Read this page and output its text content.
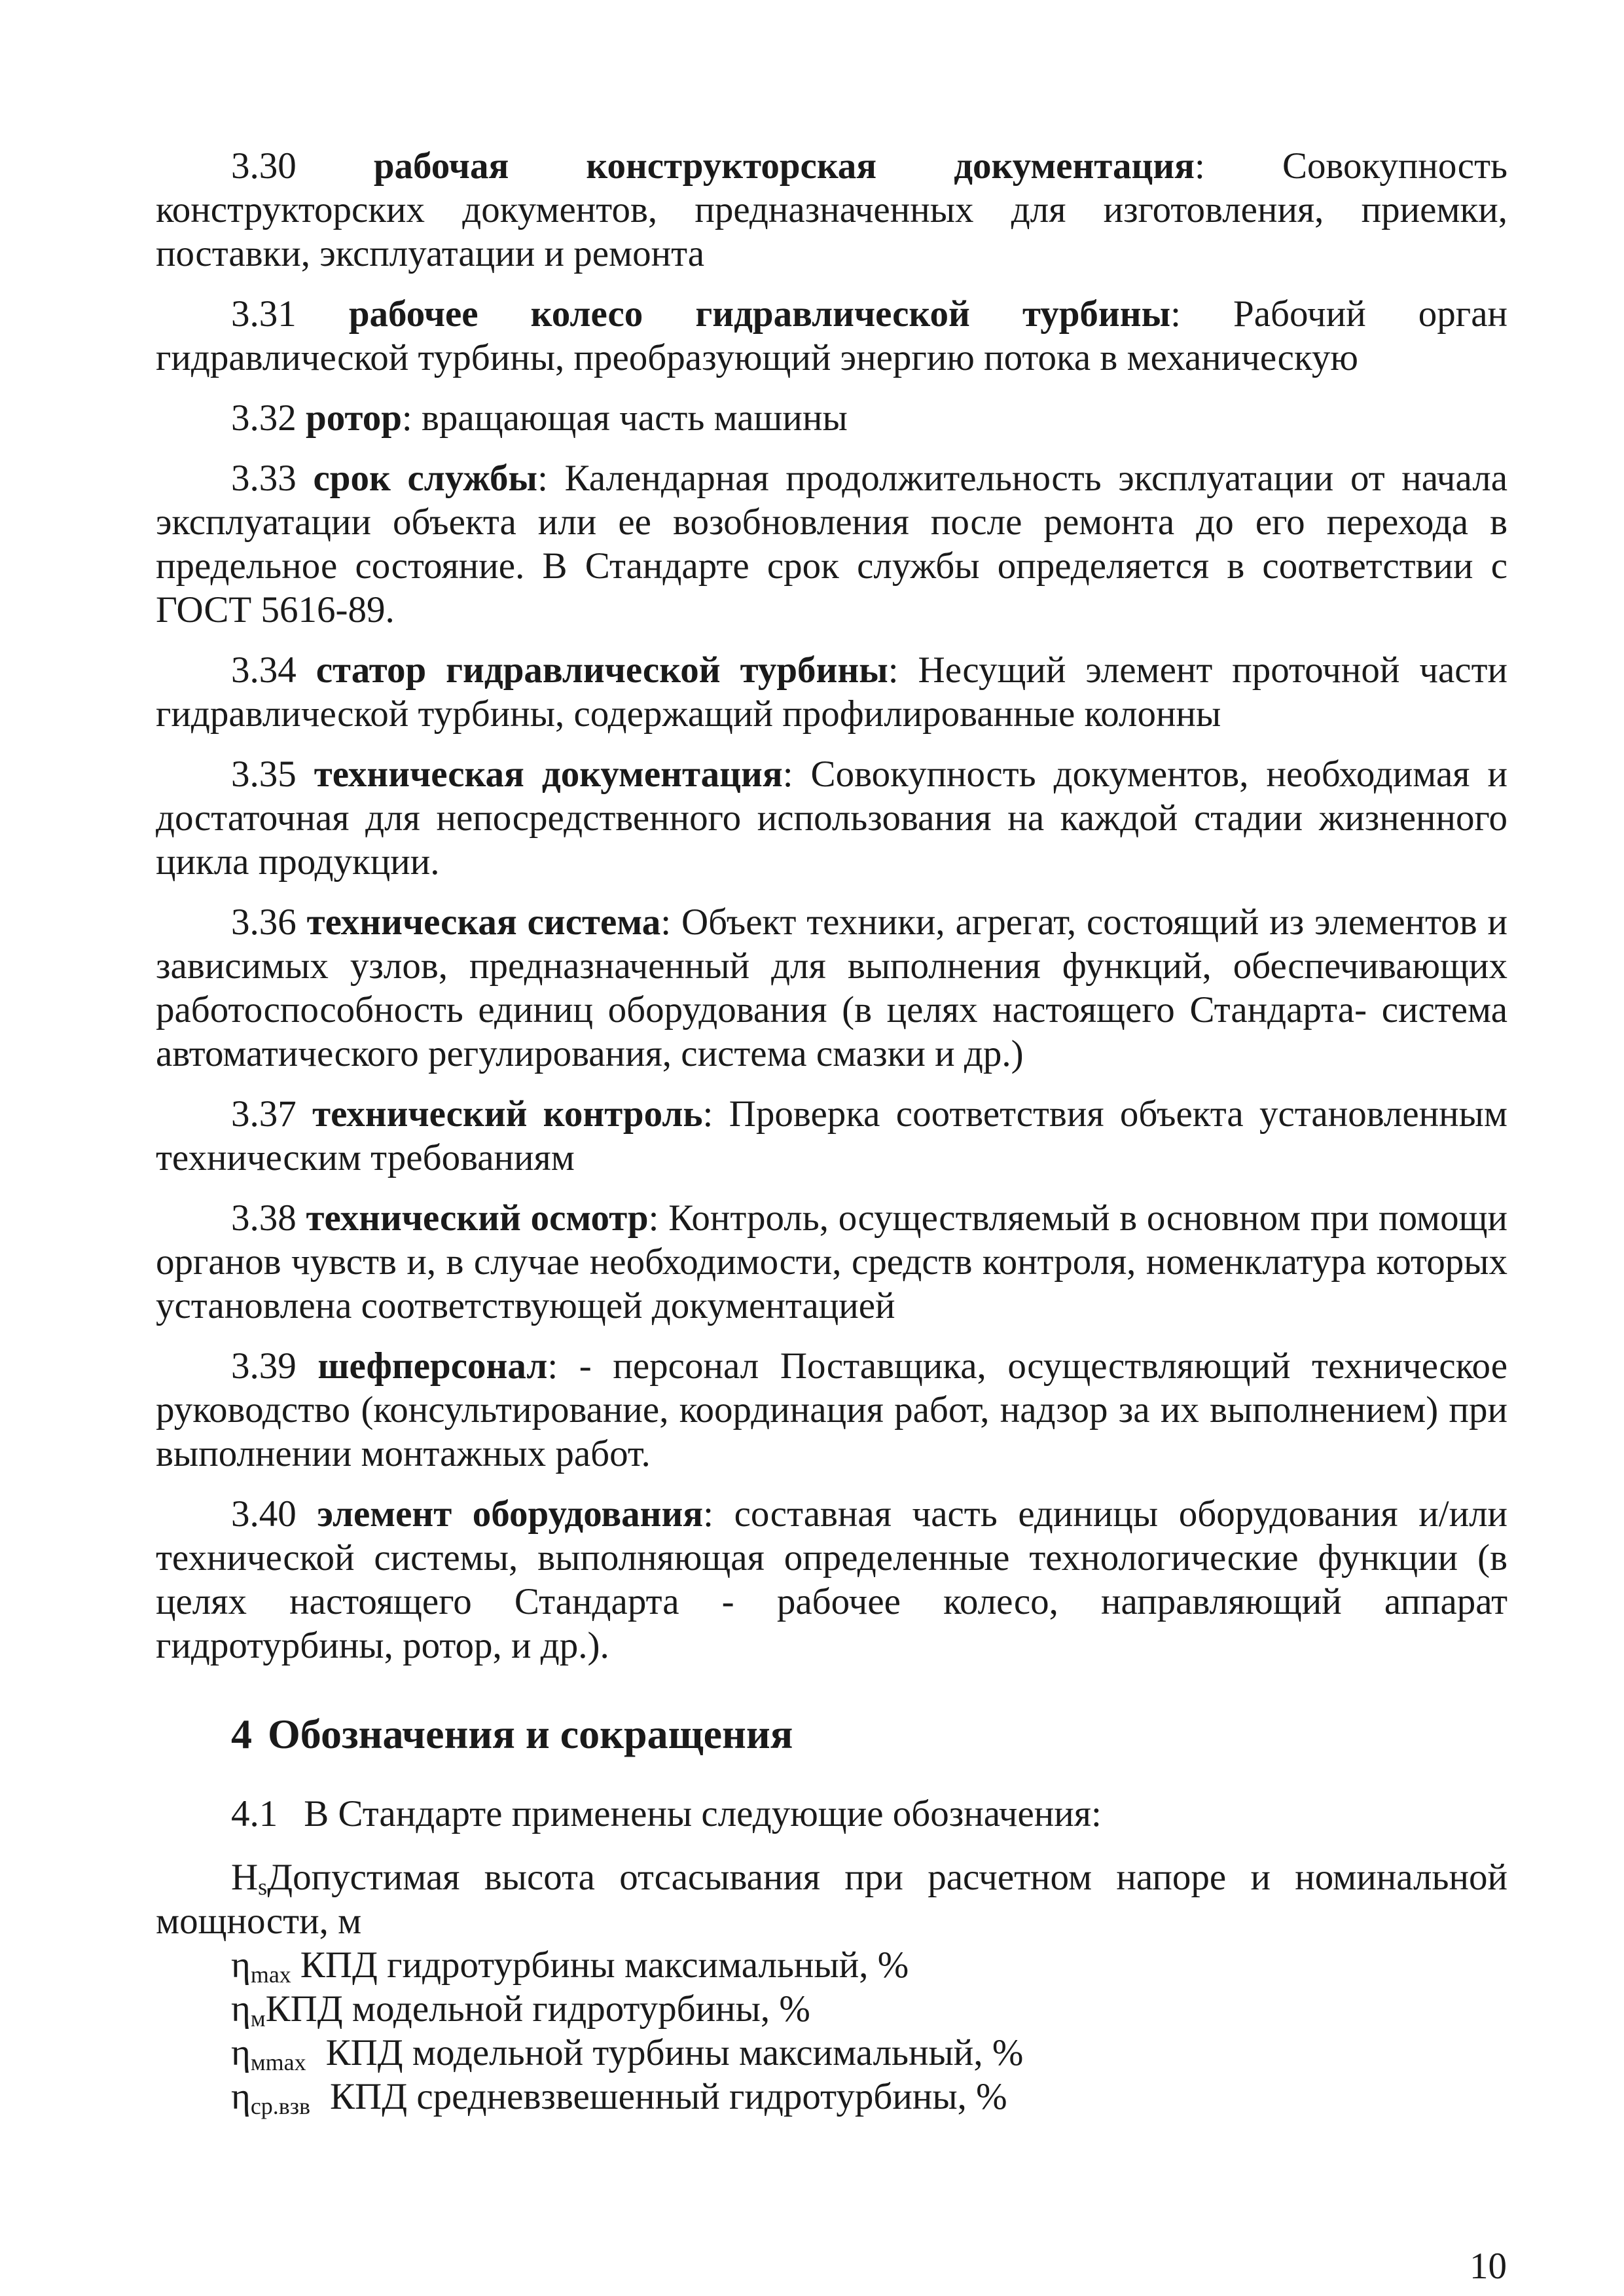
3.30 рабочая конструкторская документация: Совокупность конструкторских документов, предназначенных для изготовления, приемки, поставки, эксплуатации и ремонта

3.31 рабочее колесо гидравлической турбины: Рабочий орган гидравлической турбины, преобразующий энергию потока в механическую

3.32 ротор: вращающая часть машины

3.33 срок службы: Календарная продолжительность эксплуатации от начала эксплуатации объекта или ее возобновления после ремонта до его перехода в предельное состояние. В Стандарте срок службы определяется в соответствии с ГОСТ 5616-89.

3.34 статор гидравлической турбины: Несущий элемент проточной части гидравлической турбины, содержащий профилированные колонны

3.35 техническая документация: Совокупность документов, необходимая и достаточная для непосредственного использования на каждой стадии жизненного цикла продукции.

3.36 техническая система: Объект техники, агрегат, состоящий из элементов и зависимых узлов, предназначенный для выполнения функций, обеспечивающих работоспособность единиц оборудования (в целях настоящего Стандарта- система автоматического регулирования, система смазки и др.)

3.37 технический контроль: Проверка соответствия объекта установленным техническим требованиям

3.38 технический осмотр: Контроль, осуществляемый в основном при помощи органов чувств и, в случае необходимости, средств контроля, номенклатура которых установлена соответствующей документацией

3.39 шефперсонал: - персонал Поставщика, осуществляющий техническое руководство (консультирование, координация работ, надзор за их выполнением) при выполнении монтажных работ.

3.40 элемент оборудования: составная часть единицы оборудования и/или технической системы, выполняющая определенные технологические функции (в целях настоящего Стандарта - рабочее колесо, направляющий аппарат гидротурбины, ротор, и др.).

4 Обозначения и сокращения

4.1 В Стандарте применены следующие обозначения:

$H_sДопустимая$ высота отсасывания при расчетном напоре и номинальной мощности, м

$\eta_{max}$ КПД гидротурбины максимальный, %

$\eta_мКПД$ модельной гидротурбины, %

$\eta_{мmax}$ КПД модельной турбины максимальный, %

$\eta_{ср.взв}$ КПД средневзвешенный гидротурбины, %

10
